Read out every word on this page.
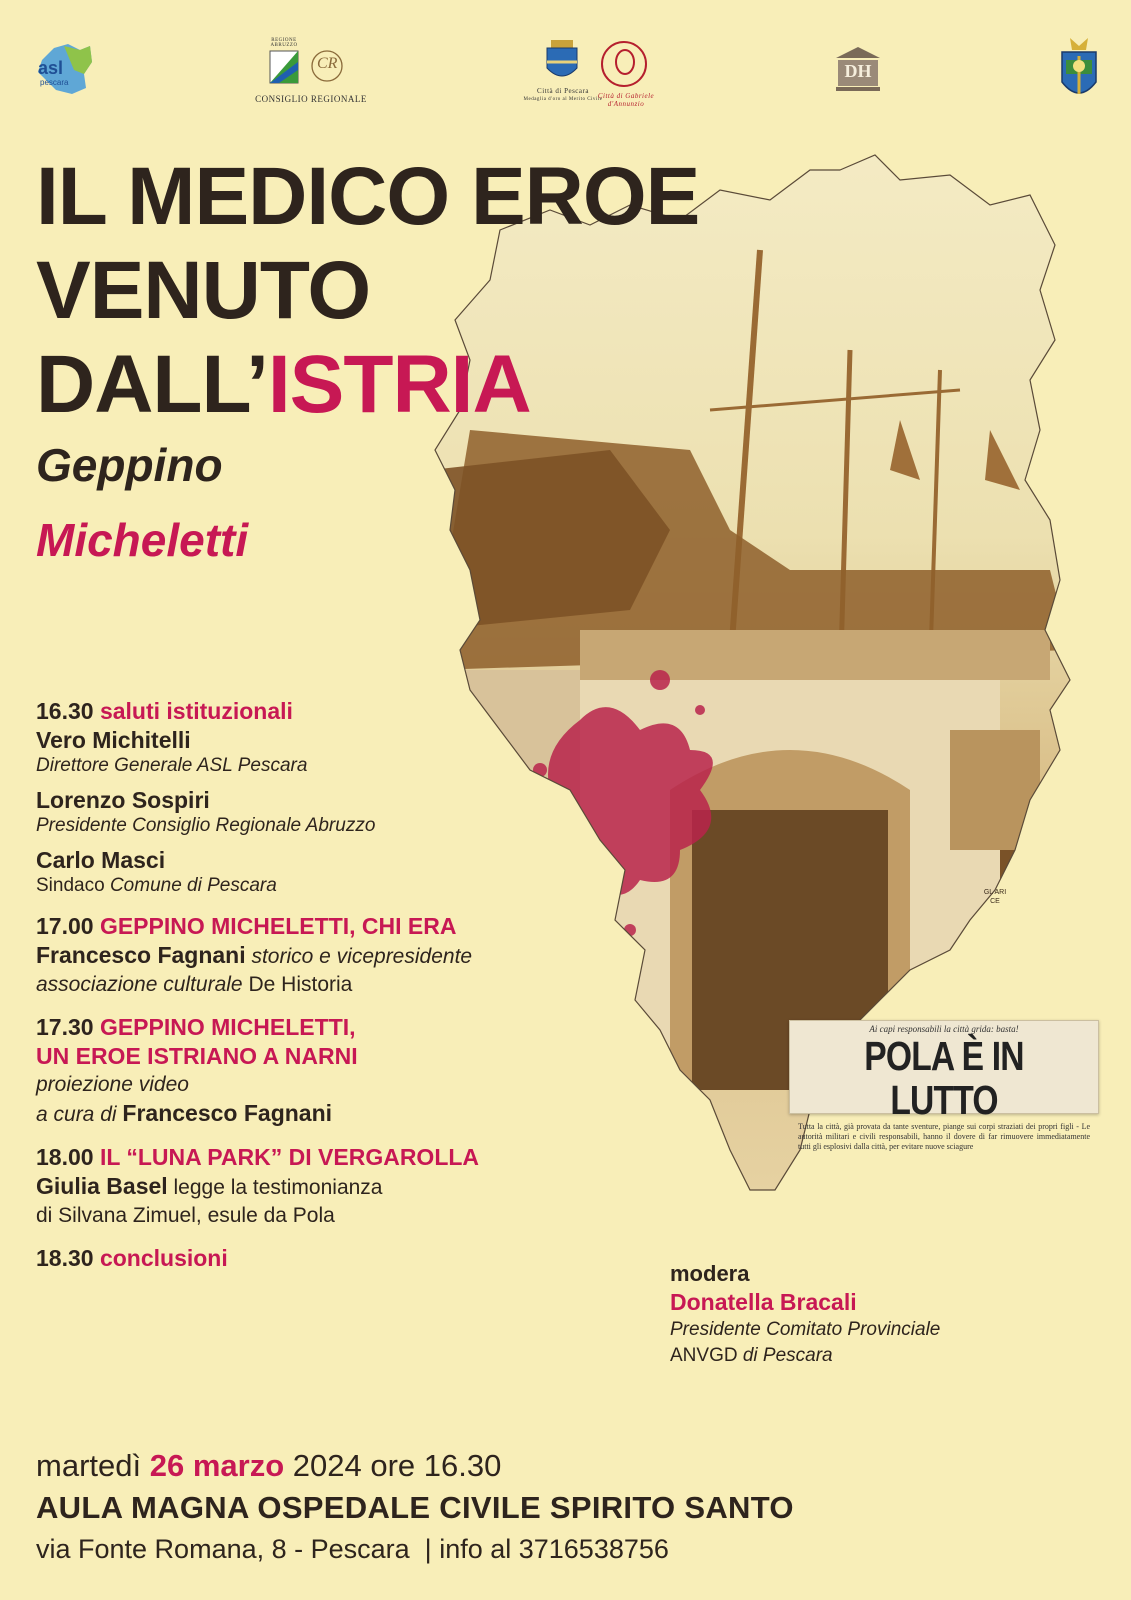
asl
pescara
REGIONE ABRUZZO
CR
CONSIGLIO REGIONALE
Città di Pescara
Medaglia d'oro al Merito Civile
Città di Gabriele d'Annunzio
DH
GL ARI CE
IL MEDICO EROE
VENUTO
DALL’ISTRIA
Geppino
Micheletti
16.30 saluti istituzionali
Vero Michitelli
Direttore Generale ASL Pescara
Lorenzo Sospiri
Presidente Consiglio Regionale Abruzzo
Carlo Masci
Sindaco Comune di Pescara
17.00 GEPPINO MICHELETTI, CHI ERA
Francesco Fagnani storico e vicepresidente
associazione culturale De Historia
17.30 GEPPINO MICHELETTI,
UN EROE ISTRIANO A NARNI
proiezione video
a cura di Francesco Fagnani
18.00 IL “LUNA PARK” DI VERGAROLLA
Giulia Basel legge la testimonianza
di Silvana Zimuel, esule da Pola
18.30 conclusioni
modera
Donatella Bracali
Presidente Comitato Provinciale
ANVGD di Pescara
Ai capi responsabili la città grida: basta!
POLA È IN LUTTO
Tutta la città, già provata da tante sventure, piange sui corpi straziati dei propri figli - Le autorità militari e civili responsabili, hanno il dovere di far rimuovere immediatamente tutti gli esplosivi dalla città, per evitare nuove sciagure
martedì 26 marzo 2024 ore 16.30
AULA MAGNA OSPEDALE CIVILE SPIRITO SANTO
via Fonte Romana, 8 - Pescara  | info al 3716538756
